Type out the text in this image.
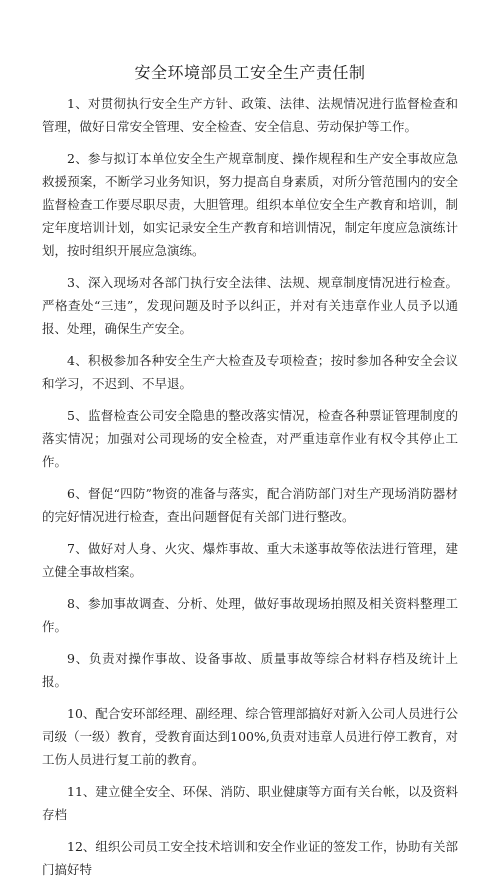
安全环境部员工安全生产责任制

1、对贯彻执行安全生产方针、政策、法律、法规情况进行监督检查和管理，做好日常安全管理、安全检查、安全信息、劳动保护等工作。

2、参与拟订本单位安全生产规章制度、操作规程和生产安全事故应急救援预案，不断学习业务知识，努力提高自身素质，对所分管范围内的安全监督检查工作要尽职尽责，大胆管理。组织本单位安全生产教育和培训，制定年度培训计划，如实记录安全生产教育和培训情况，制定年度应急演练计划，按时组织开展应急演练。

3、深入现场对各部门执行安全法律、法规、规章制度情况进行检查。严格查处“三违”，发现问题及时予以纠正，并对有关违章作业人员予以通报、处理，确保生产安全。

4、积极参加各种安全生产大检查及专项检查；按时参加各种安全会议和学习，不迟到、不早退。

5、监督检查公司安全隐患的整改落实情况，检查各种票证管理制度的落实情况；加强对公司现场的安全检查，对严重违章作业有权令其停止工作。

6、督促“四防”物资的准备与落实，配合消防部门对生产现场消防器材的完好情况进行检查，查出问题督促有关部门进行整改。

7、做好对人身、火灾、爆炸事故、重大未遂事故等依法进行管理，建立健全事故档案。

8、参加事故调查、分析、处理，做好事故现场拍照及相关资料整理工作。

9、负责对操作事故、设备事故、质量事故等综合材料存档及统计上报。

10、配合安环部经理、副经理、综合管理部搞好对新入公司人员进行公司级（一级）教育，受教育面达到100%,负责对违章人员进行停工教育，对工伤人员进行复工前的教育。

11、建立健全安全、环保、消防、职业健康等方面有关台帐，以及资料存档

12、组织公司员工安全技术培训和安全作业证的签发工作，协助有关部门搞好特
